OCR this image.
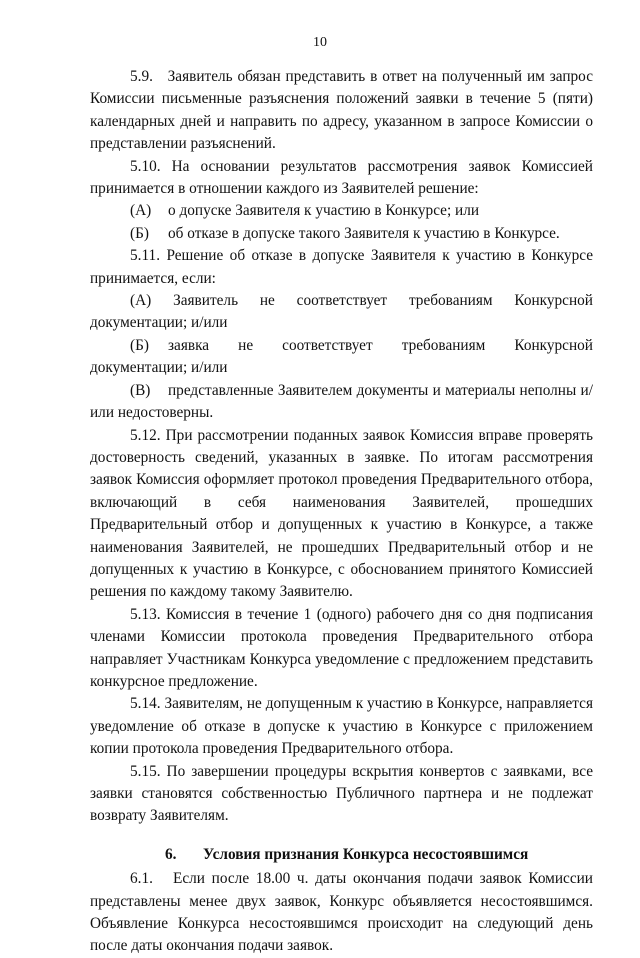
10

5.9.   Заявитель обязан представить в ответ на полученный им запрос Комиссии письменные разъяснения положений заявки в течение 5 (пяти) календарных дней и направить по адресу, указанном в запросе Комиссии о представлении разъяснений.

5.10. На основании результатов рассмотрения заявок Комиссией принимается в отношении каждого из Заявителей решение:

(А) о допуске Заявителя к участию в Конкурсе; или

(Б) об отказе в допуске такого Заявителя к участию в Конкурсе.

5.11. Решение об отказе в допуске Заявителя к участию в Конкурсе принимается, если:

(А) Заявитель не соответствует требованиям Конкурсной

документации; и/или

(Б) заявка не соответствует требованиям Конкурсной документации; и/или

(В) представленные Заявителем документы и материалы неполны и/или недостоверны.

5.12. При рассмотрении поданных заявок Комиссия вправе проверять достоверность сведений, указанных в заявке. По итогам рассмотрения заявок Комиссия оформляет протокол проведения Предварительного отбора, включающий в себя наименования Заявителей, прошедших Предварительный отбор и допущенных к участию в Конкурсе, а также наименования Заявителей, не прошедших Предварительный отбор и не допущенных к участию в Конкурсе, с обоснованием принятого Комиссией решения по каждому такому Заявителю.

5.13. Комиссия в течение 1 (одного) рабочего дня со дня подписания членами Комиссии протокола проведения Предварительного отбора направляет Участникам Конкурса уведомление с предложением представить конкурсное предложение.

5.14. Заявителям, не допущенным к участию в Конкурсе, направляется уведомление об отказе в допуске к участию в Конкурсе с приложением копии протокола проведения Предварительного отбора.

5.15. По завершении процедуры вскрытия конвертов с заявками, все заявки становятся собственностью Публичного партнера и не подлежат возврату Заявителям.

6.	Условия признания Конкурса несостоявшимся

6.1.   Если после 18.00 ч. даты окончания подачи заявок Комиссии представлены менее двух заявок, Конкурс объявляется несостоявшимся. Объявление Конкурса несостоявшимся происходит на следующий день после даты окончания подачи заявок.
